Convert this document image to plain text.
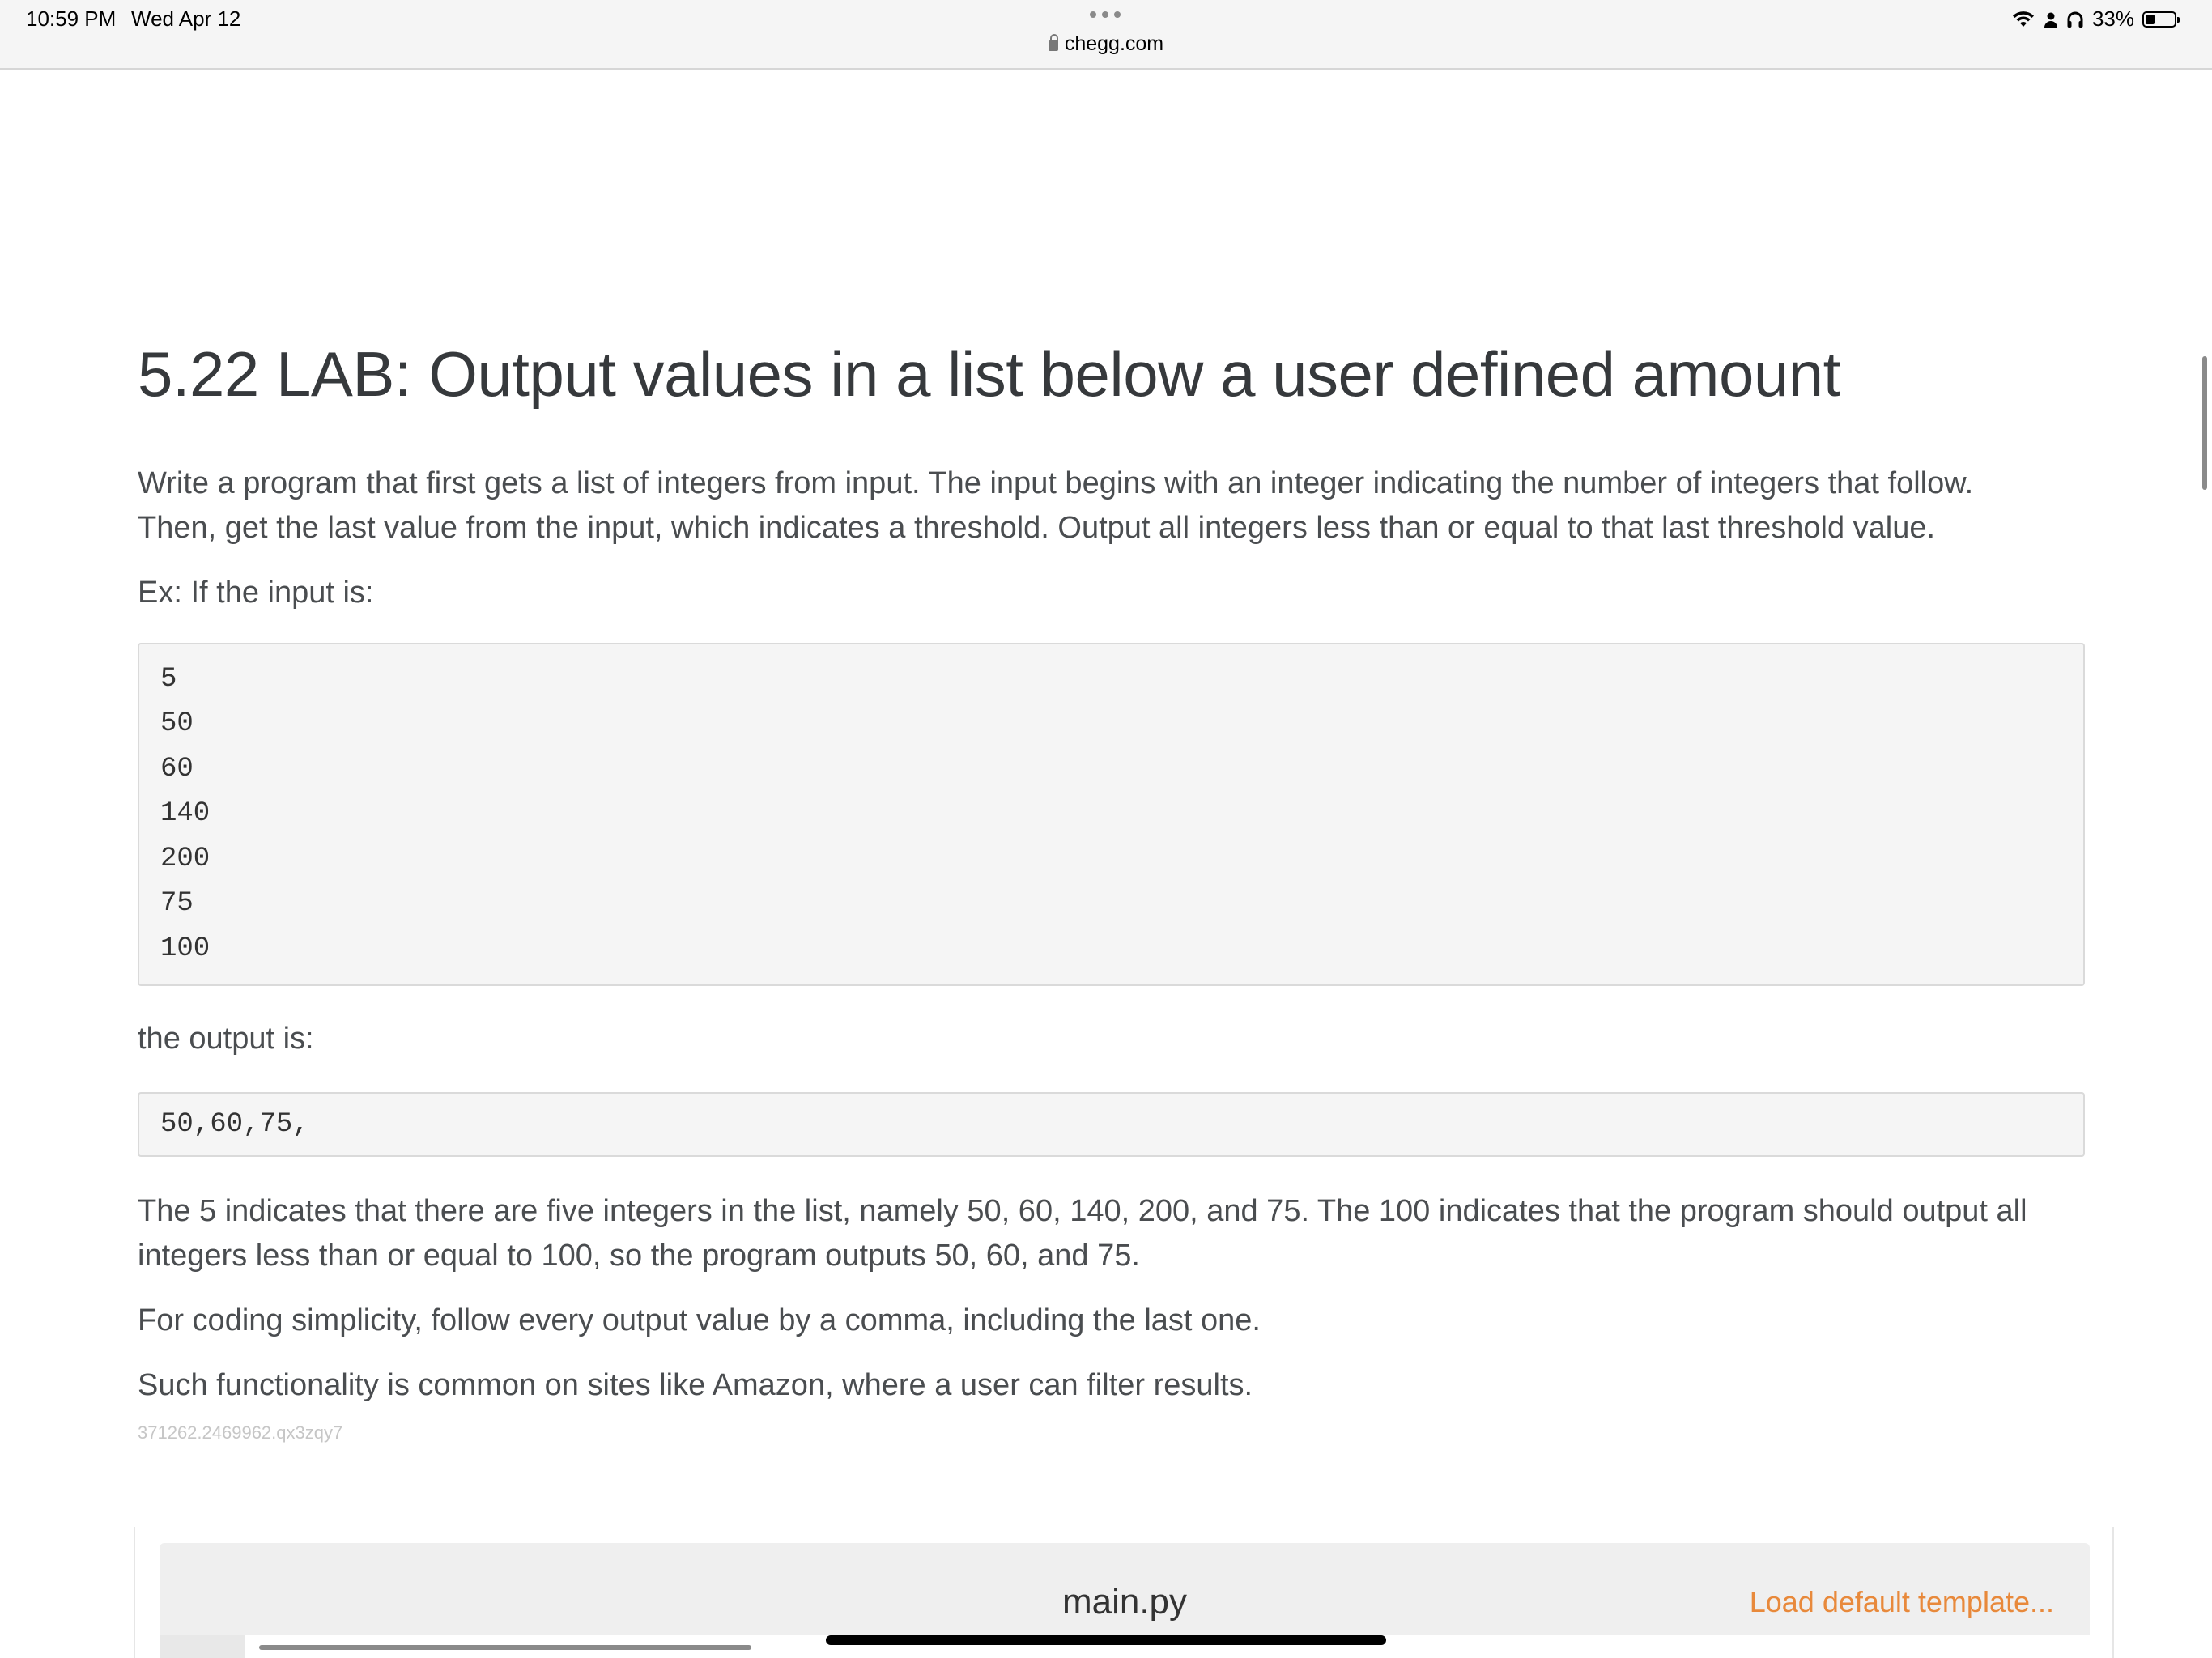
10:59 PM Wed Apr 12
chegg.com
33%
5.22 LAB: Output values in a list below a user defined amount

Write a program that first gets a list of integers from input. The input begins with an integer indicating the number of integers that follow.
Then, get the last value from the input, which indicates a threshold. Output all integers less than or equal to that last threshold value.

Ex: If the input is:

5
50
60
140
200
75
100

the output is:

50,60,75,

The 5 indicates that there are five integers in the list, namely 50, 60, 140, 200, and 75. The 100 indicates that the program should output all
integers less than or equal to 100, so the program outputs 50, 60, and 75.

For coding simplicity, follow every output value by a comma, including the last one.

Such functionality is common on sites like Amazon, where a user can filter results.

371262.2469962.qx3zqy7

main.py	Load default template...
